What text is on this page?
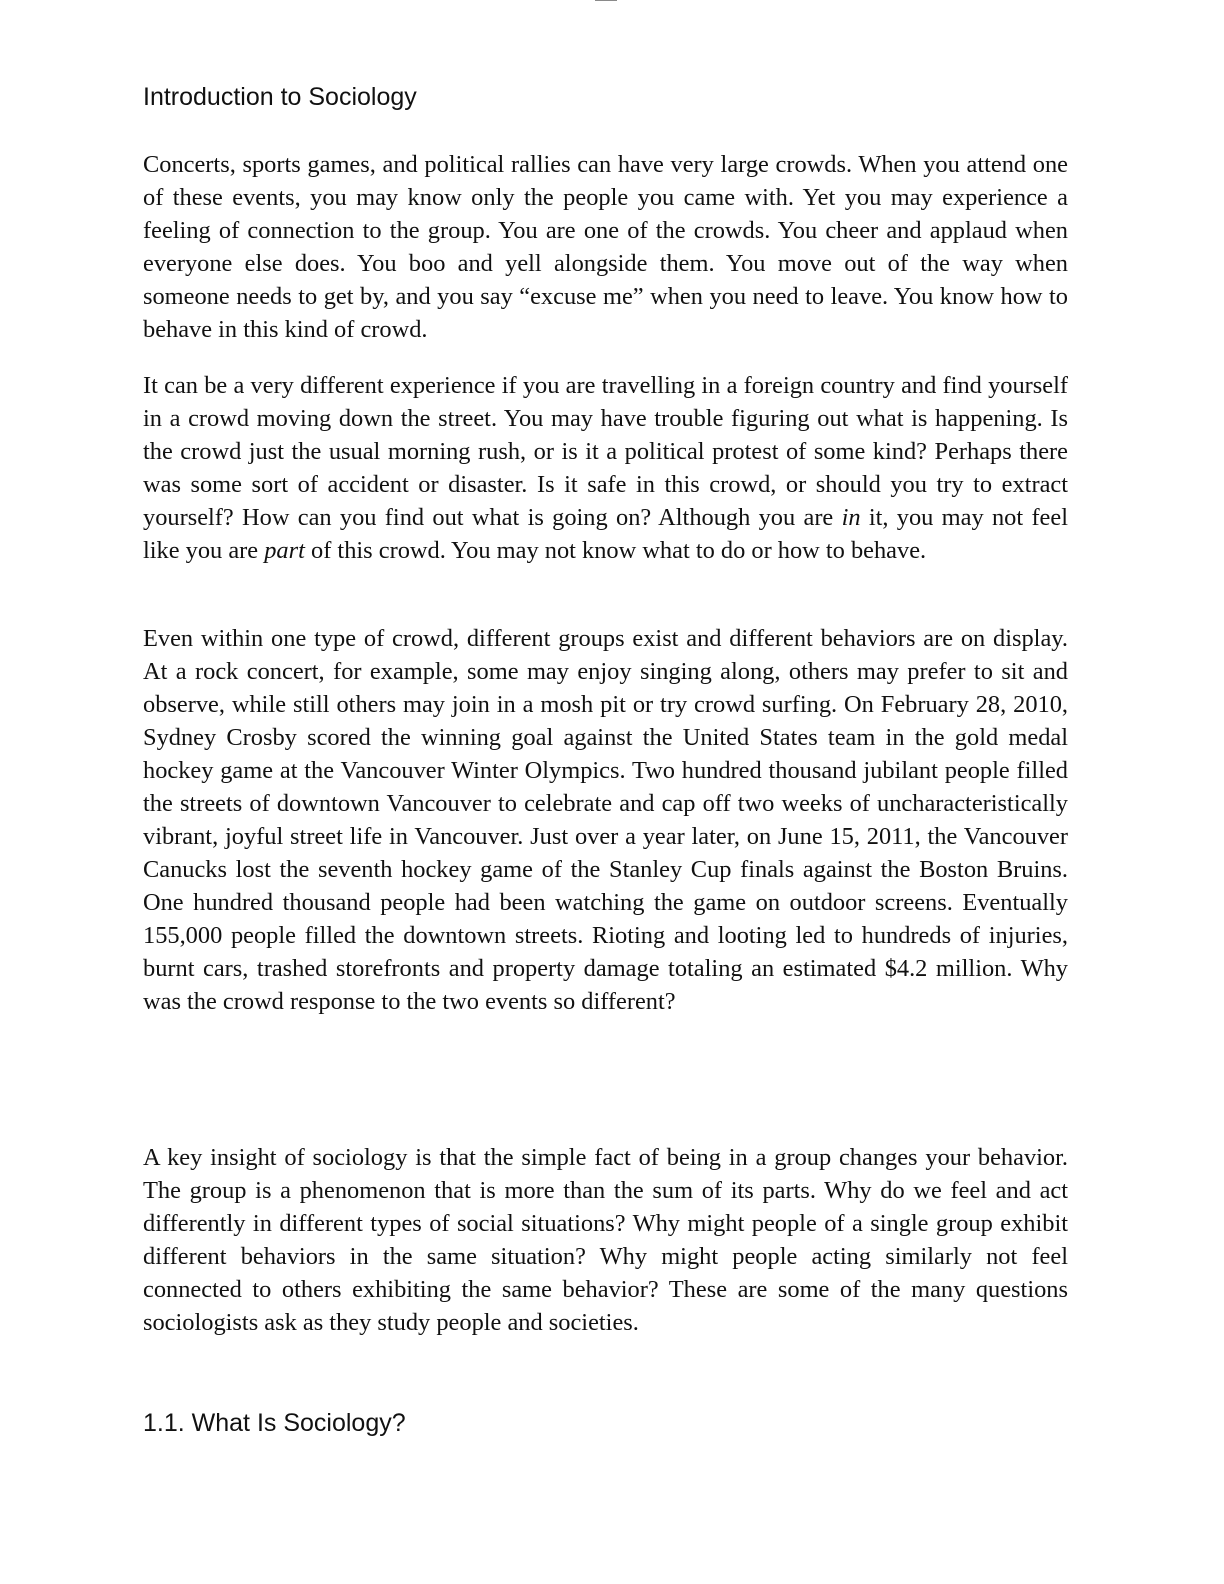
Introduction to Sociology

Concerts, sports games, and political rallies can have very large crowds. When you attend one of these events, you may know only the people you came with. Yet you may experience a feeling of connection to the group. You are one of the crowds. You cheer and applaud when everyone else does. You boo and yell alongside them. You move out of the way when someone needs to get by, and you say “excuse me” when you need to leave. You know how to behave in this kind of crowd.

It can be a very different experience if you are travelling in a foreign country and find yourself in a crowd moving down the street. You may have trouble figuring out what is happening. Is the crowd just the usual morning rush, or is it a political protest of some kind? Perhaps there was some sort of accident or disaster. Is it safe in this crowd, or should you try to extract yourself? How can you find out what is going on? Although you are in it, you may not feel like you are part of this crowd. You may not know what to do or how to behave.

Even within one type of crowd, different groups exist and different behaviors are on display. At a rock concert, for example, some may enjoy singing along, others may prefer to sit and observe, while still others may join in a mosh pit or try crowd surfing. On February 28, 2010, Sydney Crosby scored the winning goal against the United States team in the gold medal hockey game at the Vancouver Winter Olympics. Two hundred thousand jubilant people filled the streets of downtown Vancouver to celebrate and cap off two weeks of uncharacteristically vibrant, joyful street life in Vancouver. Just over a year later, on June 15, 2011, the Vancouver Canucks lost the seventh hockey game of the Stanley Cup finals against the Boston Bruins. One hundred thousand people had been watching the game on outdoor screens. Eventually 155,000 people filled the downtown streets. Rioting and looting led to hundreds of injuries, burnt cars, trashed storefronts and property damage totaling an estimated $4.2 million. Why was the crowd response to the two events so different?

A key insight of sociology is that the simple fact of being in a group changes your behavior. The group is a phenomenon that is more than the sum of its parts. Why do we feel and act differently in different types of social situations? Why might people of a single group exhibit different behaviors in the same situation? Why might people acting similarly not feel connected to others exhibiting the same behavior? These are some of the many questions sociologists ask as they study people and societies.

1.1. What Is Sociology?
